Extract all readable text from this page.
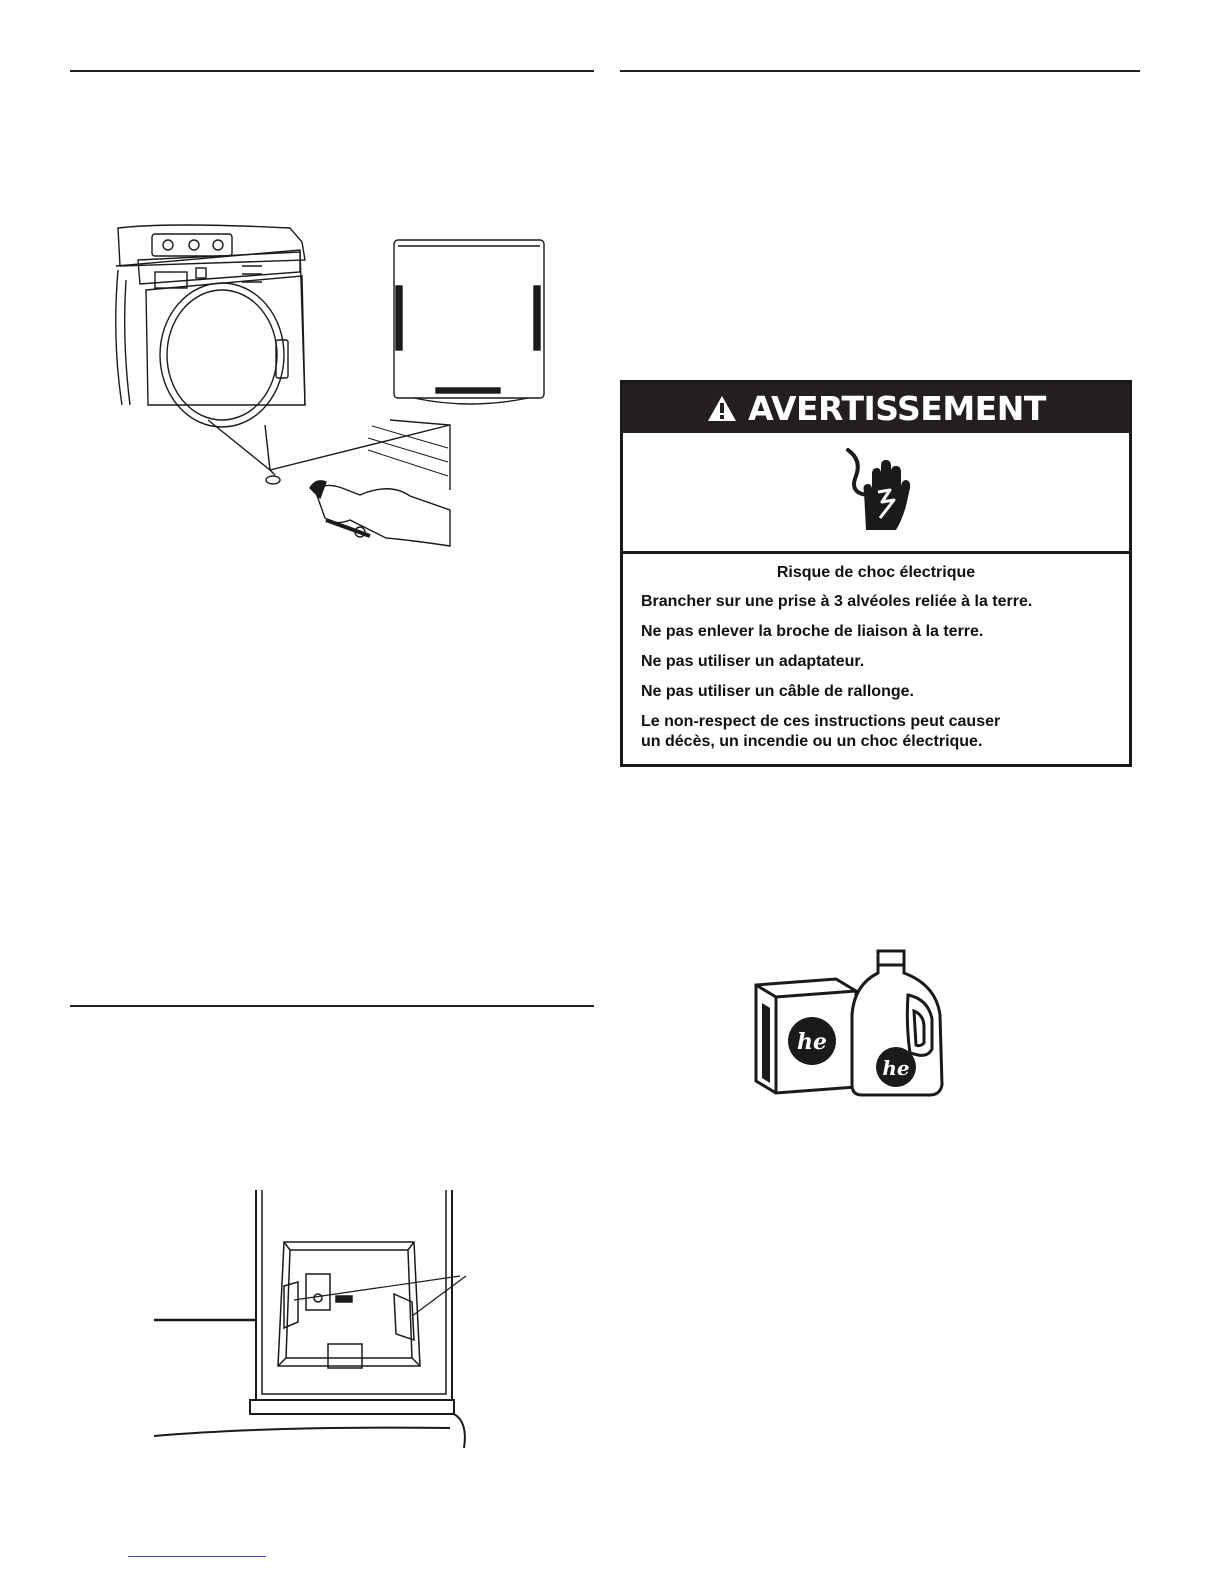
AVERTISSEMENT
Risque de choc électrique

Brancher sur une prise à 3 alvéoles reliée à la terre.

Ne pas enlever la broche de liaison à la terre.

Ne pas utiliser un adaptateur.

Ne pas utiliser un câble de rallonge.

Le non-respect de ces instructions peut causer

un décès, un incendie ou un choc électrique.

he
he
